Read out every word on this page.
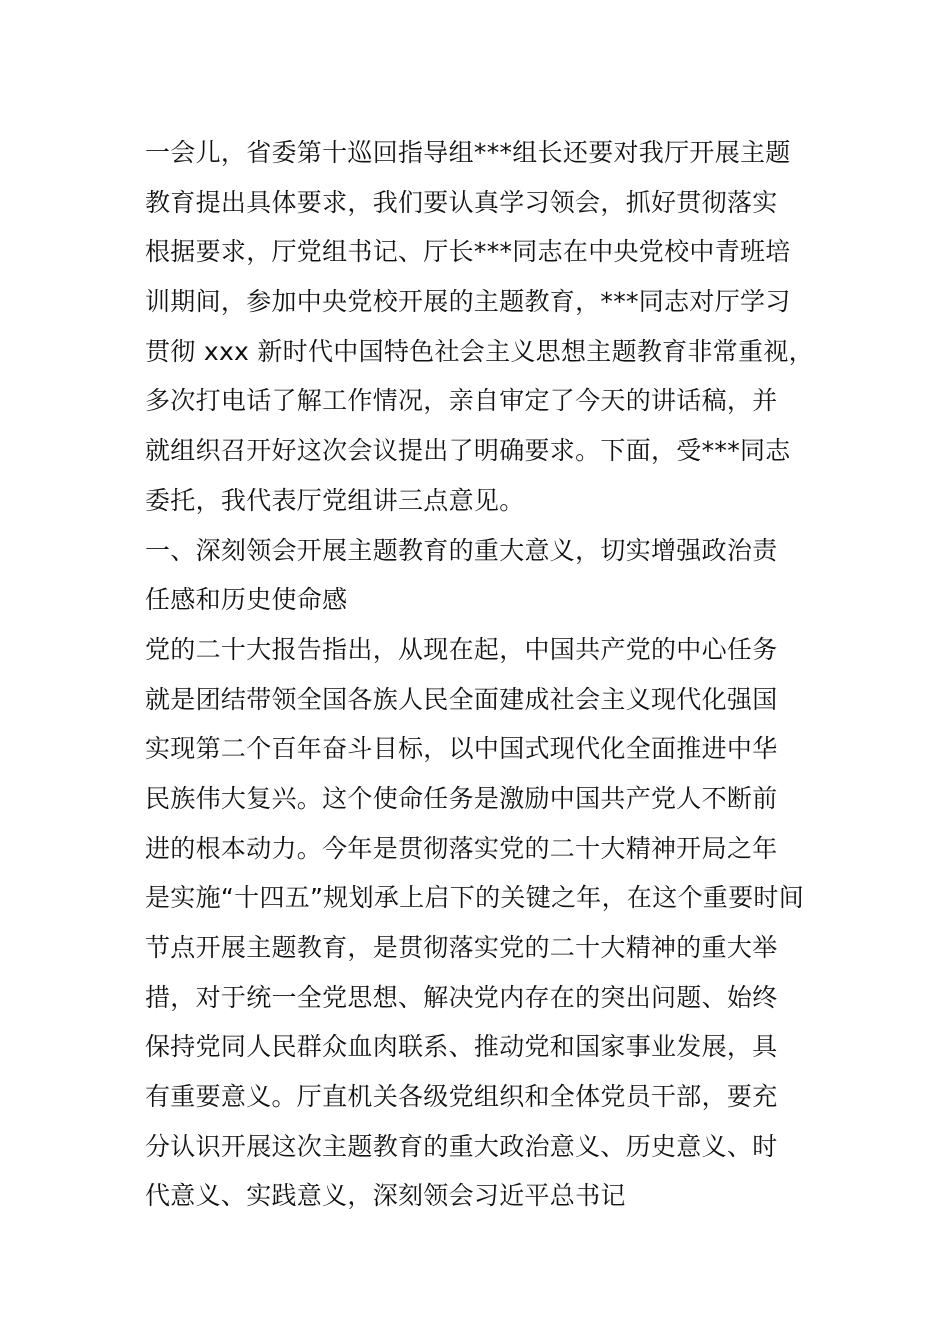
一会儿，省委第十巡回指导组***组长还要对我厅开展主题
教育提出具体要求，我们要认真学习领会，抓好贯彻落实
根据要求，厅党组书记、厅长***同志在中央党校中青班培
训期间，参加中央党校开展的主题教育，***同志对厅学习
贯彻 xxx 新时代中国特色社会主义思想主题教育非常重视，
多次打电话了解工作情况，亲自审定了今天的讲话稿，并
就组织召开好这次会议提出了明确要求。下面，受***同志
委托，我代表厅党组讲三点意见。
一、深刻领会开展主题教育的重大意义，切实增强政治责
任感和历史使命感
党的二十大报告指出，从现在起，中国共产党的中心任务
就是团结带领全国各族人民全面建成社会主义现代化强国
实现第二个百年奋斗目标，以中国式现代化全面推进中华
民族伟大复兴。这个使命任务是激励中国共产党人不断前
进的根本动力。今年是贯彻落实党的二十大精神开局之年
是实施“十四五”规划承上启下的关键之年，在这个重要时间
节点开展主题教育，是贯彻落实党的二十大精神的重大举
措，对于统一全党思想、解决党内存在的突出问题、始终
保持党同人民群众血肉联系、推动党和国家事业发展，具
有重要意义。厅直机关各级党组织和全体党员干部，要充
分认识开展这次主题教育的重大政治意义、历史意义、时
代意义、实践意义，深刻领会习近平总书记
